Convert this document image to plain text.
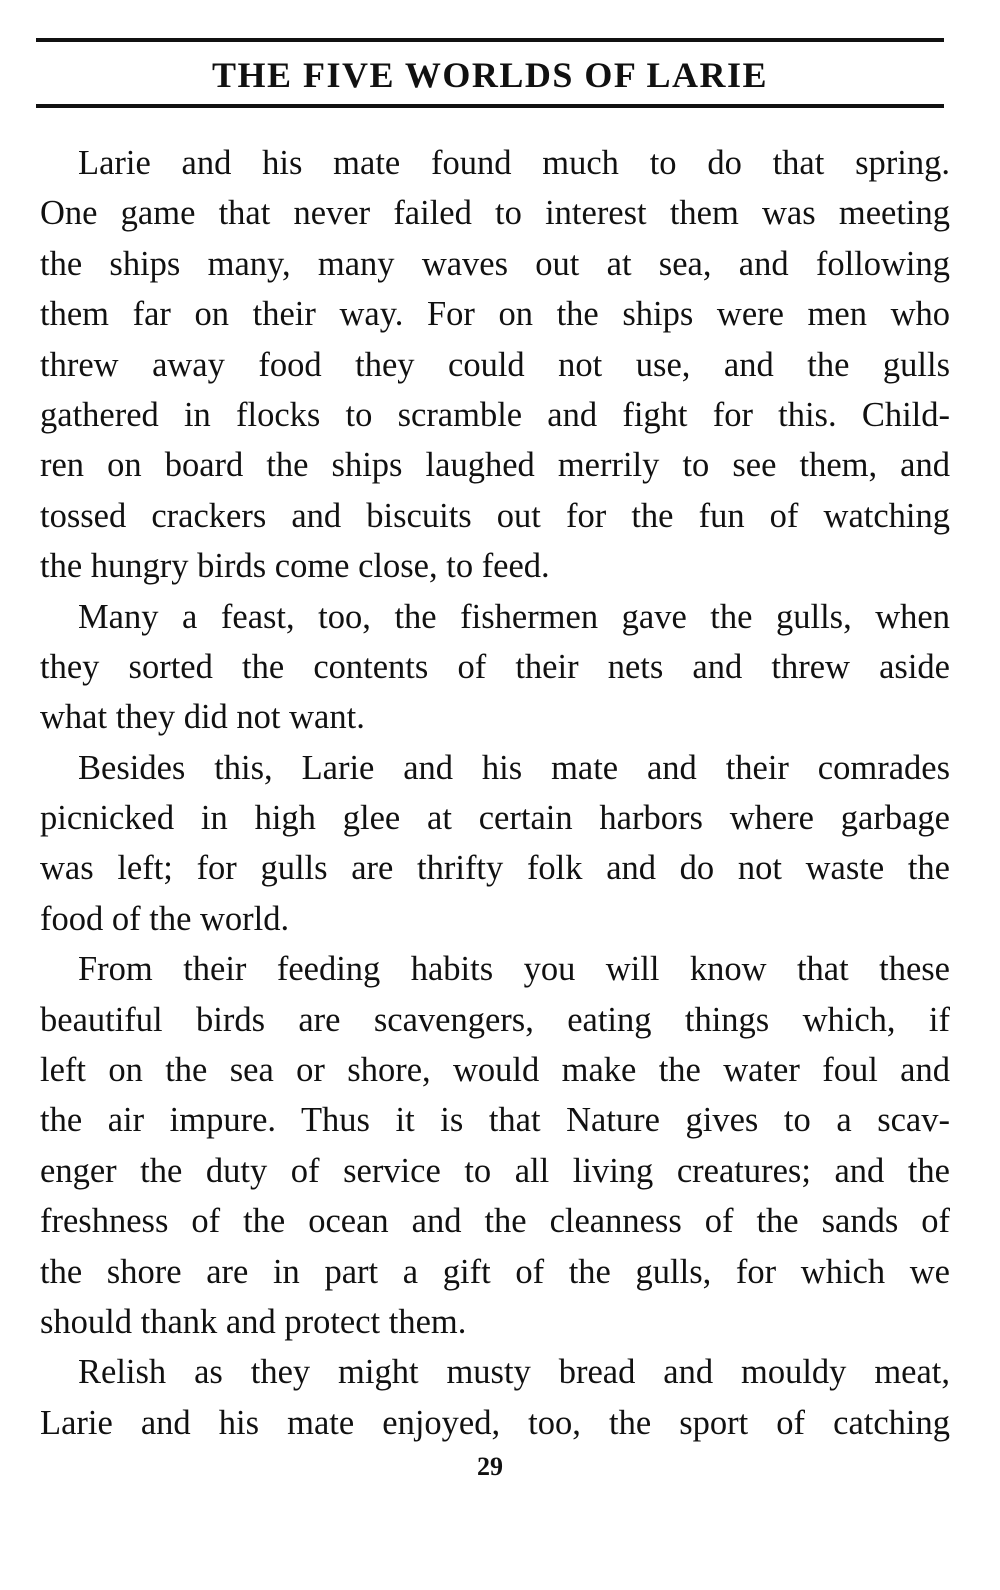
THE FIVE WORLDS OF LARIE
Larie and his mate found much to do that spring.
One game that never failed to interest them was meeting
the ships many, many waves out at sea, and following
them far on their way. For on the ships were men who
threw away food they could not use, and the gulls
gathered in flocks to scramble and fight for this. Child-
ren on board the ships laughed merrily to see them, and
tossed crackers and biscuits out for the fun of watching
the hungry birds come close, to feed.
Many a feast, too, the fishermen gave the gulls, when
they sorted the contents of their nets and threw aside
what they did not want.
Besides this, Larie and his mate and their comrades
picnicked in high glee at certain harbors where garbage
was left; for gulls are thrifty folk and do not waste the
food of the world.
From their feeding habits you will know that these
beautiful birds are scavengers, eating things which, if
left on the sea or shore, would make the water foul and
the air impure. Thus it is that Nature gives to a scav-
enger the duty of service to all living creatures; and the
freshness of the ocean and the cleanness of the sands of
the shore are in part a gift of the gulls, for which we
should thank and protect them.
Relish as they might musty bread and mouldy meat,
Larie and his mate enjoyed, too, the sport of catching
29
